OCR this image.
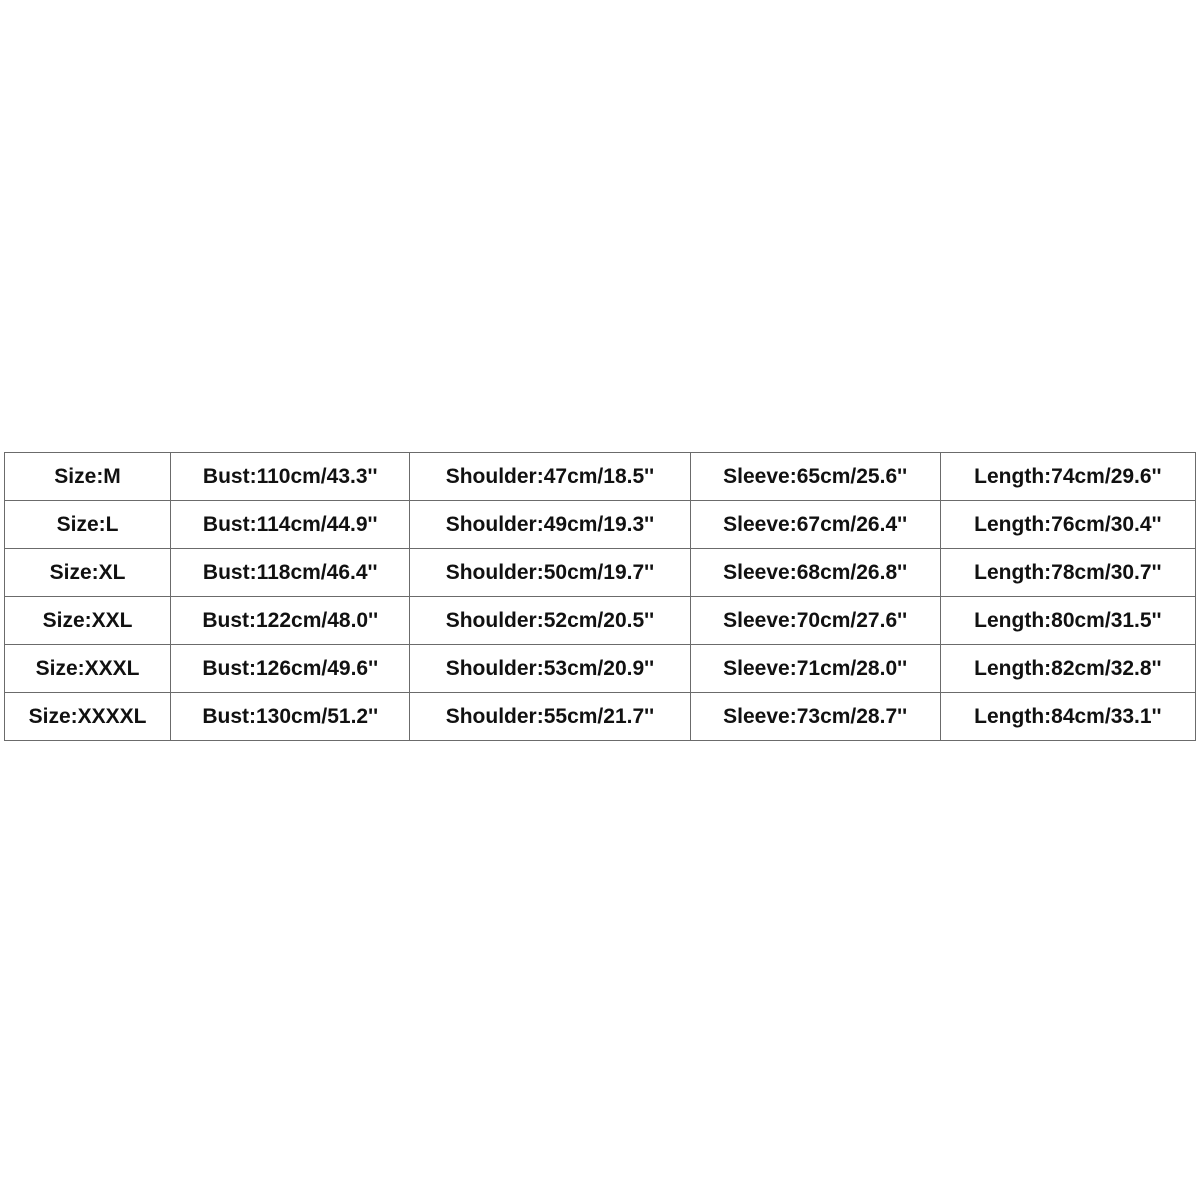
Size:M	Bust:110cm/43.3''	Shoulder:47cm/18.5''	Sleeve:65cm/25.6''	Length:74cm/29.6''
Size:L	Bust:114cm/44.9''	Shoulder:49cm/19.3''	Sleeve:67cm/26.4''	Length:76cm/30.4''
Size:XL	Bust:118cm/46.4''	Shoulder:50cm/19.7''	Sleeve:68cm/26.8''	Length:78cm/30.7''
Size:XXL	Bust:122cm/48.0''	Shoulder:52cm/20.5''	Sleeve:70cm/27.6''	Length:80cm/31.5''
Size:XXXL	Bust:126cm/49.6''	Shoulder:53cm/20.9''	Sleeve:71cm/28.0''	Length:82cm/32.8''
Size:XXXXL	Bust:130cm/51.2''	Shoulder:55cm/21.7''	Sleeve:73cm/28.7''	Length:84cm/33.1''
